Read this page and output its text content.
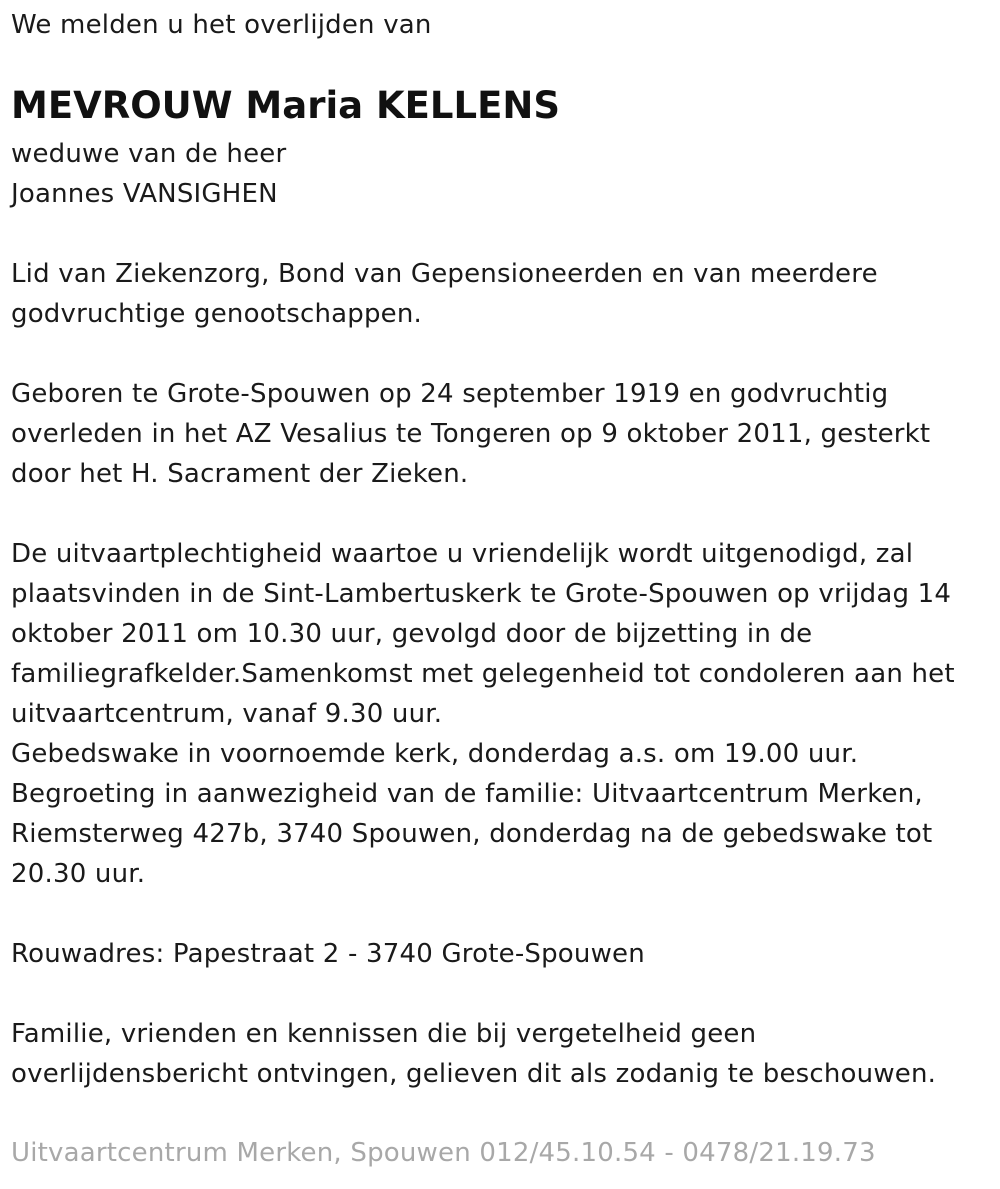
We melden u het overlijden van
MEVROUW Maria KELLENS
weduwe van de heer
Joannes VANSIGHEN
Lid van Ziekenzorg, Bond van Gepensioneerden en van meerdere
godvruchtige genootschappen.
Geboren te Grote-Spouwen op 24 september 1919 en godvruchtig
overleden in het AZ Vesalius te Tongeren op 9 oktober 2011, gesterkt
door het H. Sacrament der Zieken.
De uitvaartplechtigheid waartoe u vriendelijk wordt uitgenodigd, zal
plaatsvinden in de Sint-Lambertuskerk te Grote-Spouwen op vrijdag 14
oktober 2011 om 10.30 uur, gevolgd door de bijzetting in de
familiegrafkelder.Samenkomst met gelegenheid tot condoleren aan het
uitvaartcentrum, vanaf 9.30 uur.
Gebedswake in voornoemde kerk, donderdag a.s. om 19.00 uur.
Begroeting in aanwezigheid van de familie: Uitvaartcentrum Merken,
Riemsterweg 427b, 3740 Spouwen, donderdag na de gebedswake tot
20.30 uur.
Rouwadres: Papestraat 2 - 3740 Grote-Spouwen
Familie, vrienden en kennissen die bij vergetelheid geen
overlijdensbericht ontvingen, gelieven dit als zodanig te beschouwen.
Uitvaartcentrum Merken, Spouwen 012/45.10.54 - 0478/21.19.73
